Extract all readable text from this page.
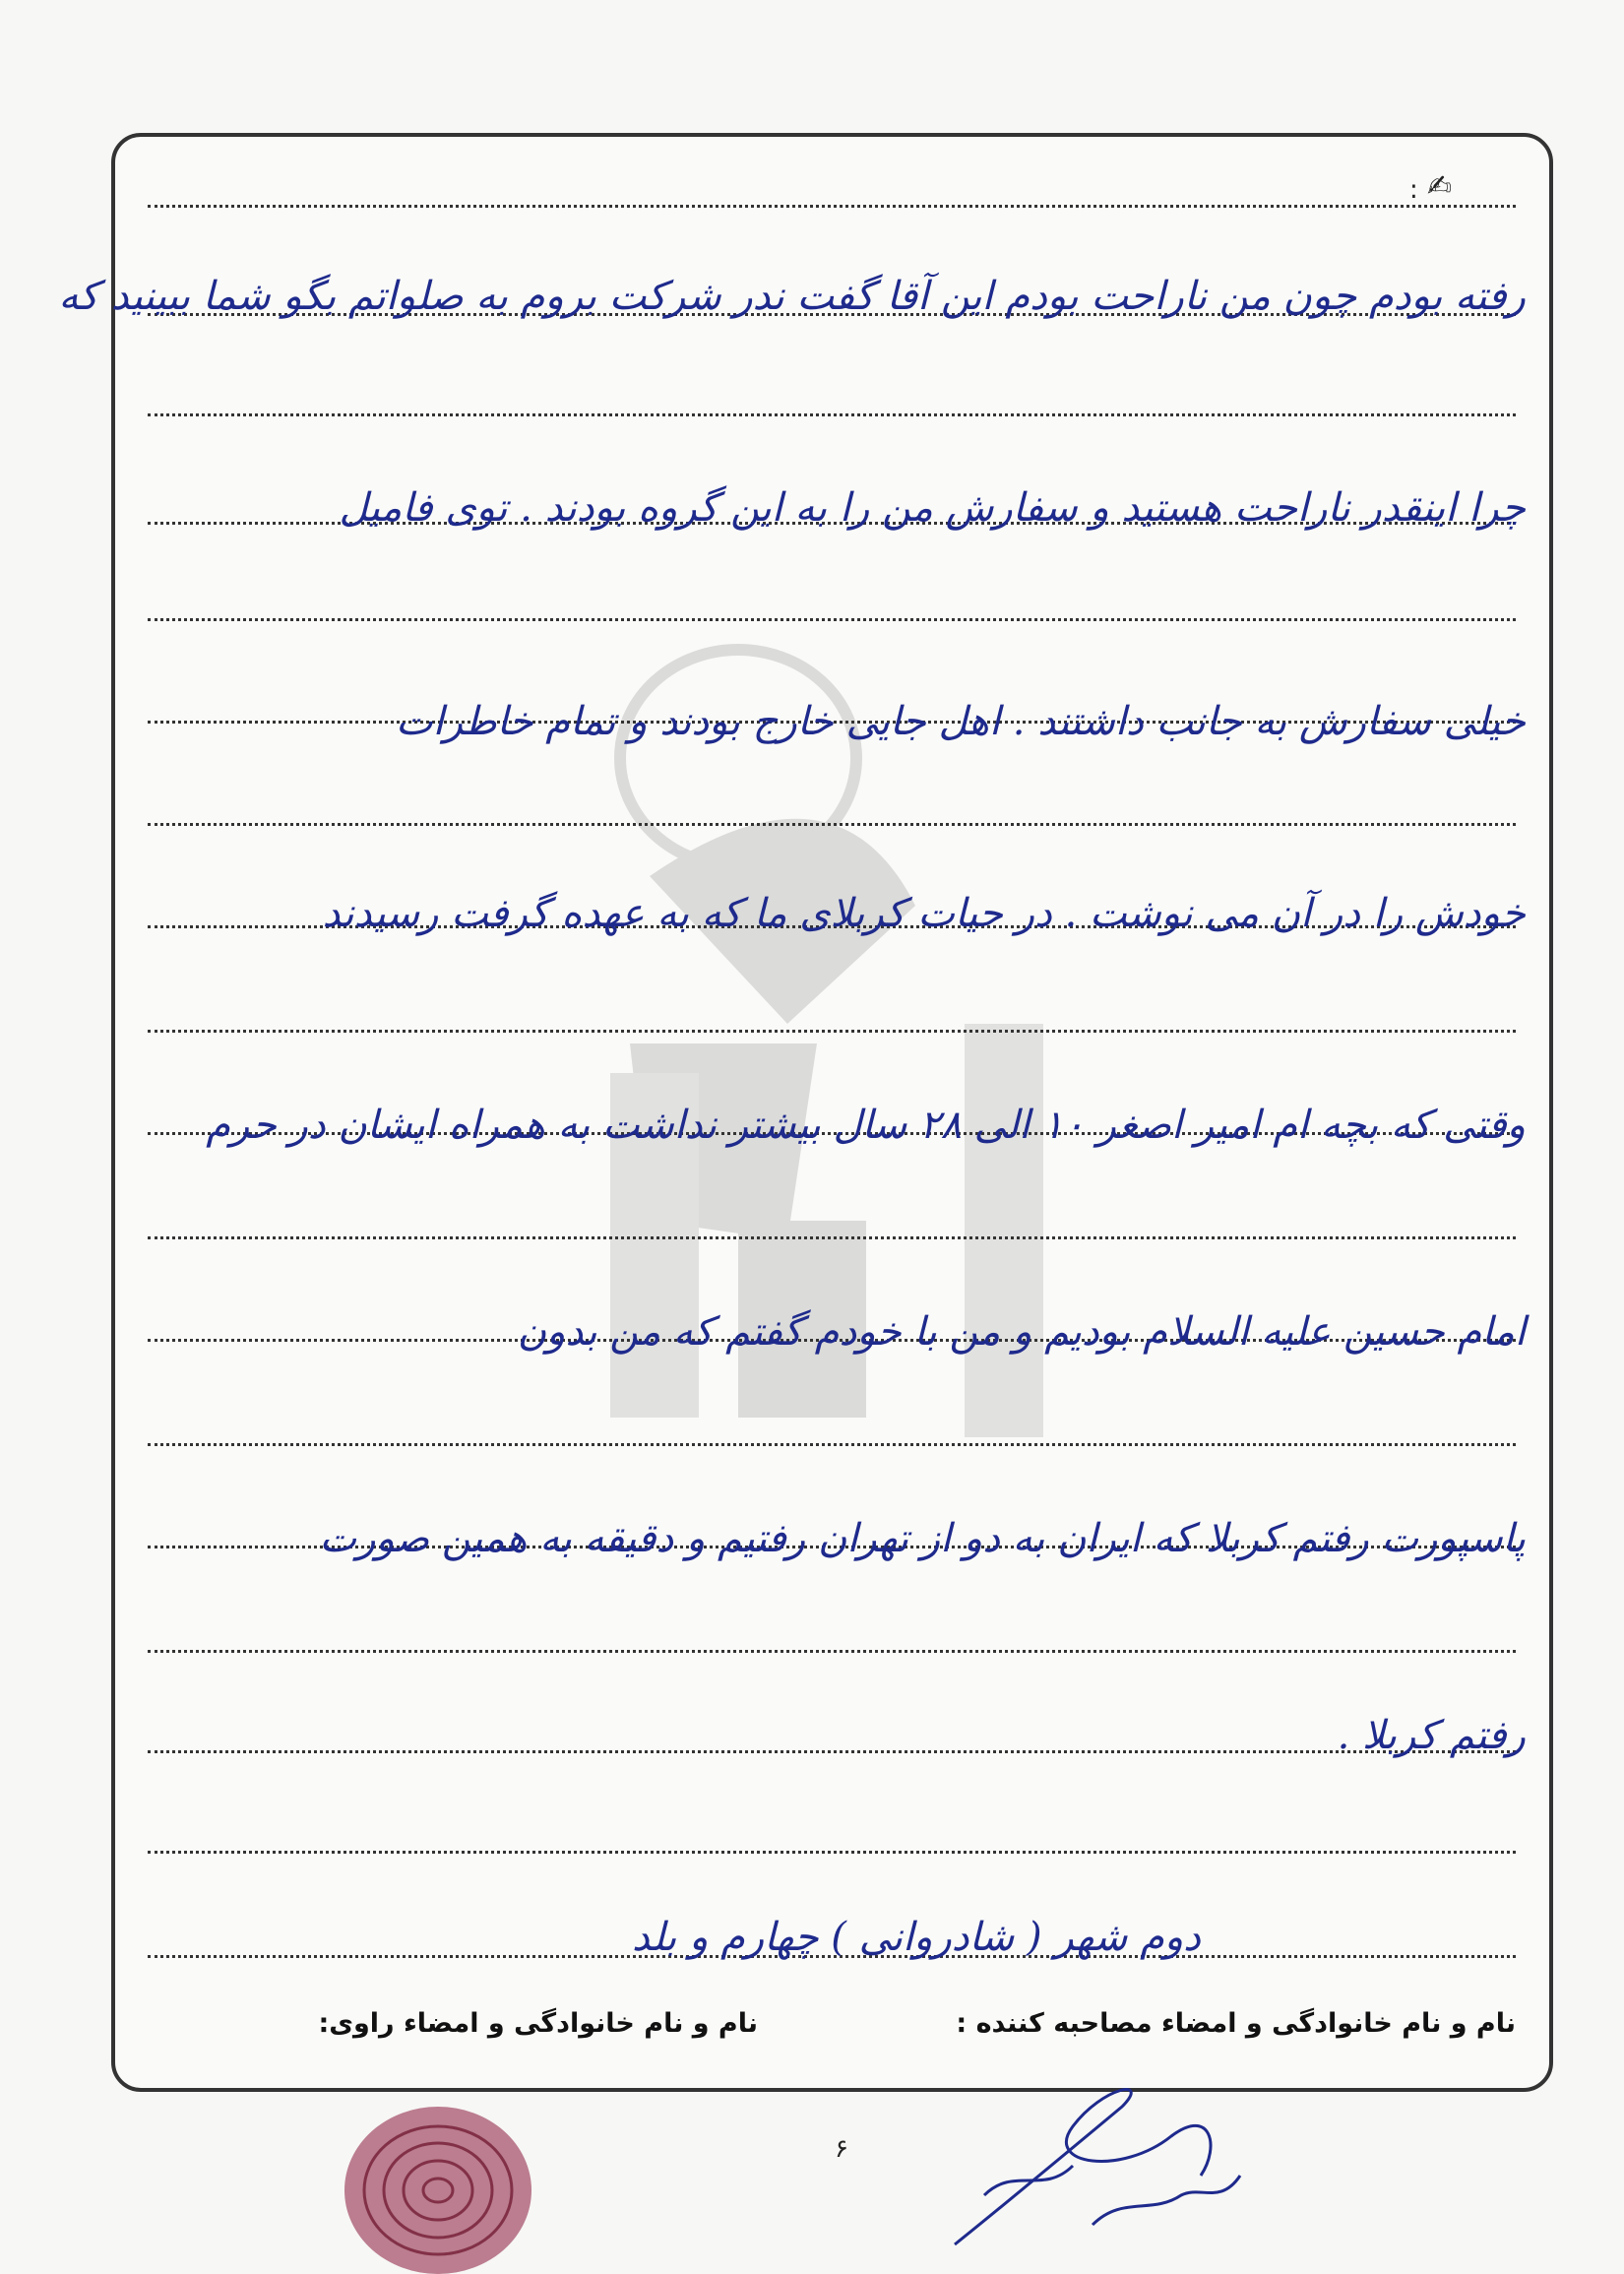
: ✍
رفته بودم چون من ناراحت بودم این آقا گفت ندر شرکت بروم به صلواتم بگو شما ببینید که
چرا اینقدر ناراحت هستید و سفارش من را به این گروه بودند . توی فامیل
خیلی سفارش به جانب داشتند . اهل جایی خارج بودند و تمام خاطرات
خودش را در آن می نوشت . در حیات کربلای ما که به عهده گرفت رسیدند
وقتی که بچه ام امیر اصغر ۱۰ الی ۲۸ سال بیشتر نداشت به همراه ایشان در حرم
امام حسین علیه السلام بودیم و من با خودم گفتم که من بدون
پاسپورت رفتم کربلا که ایران به دو از تهران رفتیم و دقیقه به همین صورت
رفتم کربلا .
دوم شهر ( شادروانی ) چهارم و بلد
نام و نام خانوادگی و امضاء مصاحبه کننده :
نام و نام خانوادگی و امضاء راوی:
۶
